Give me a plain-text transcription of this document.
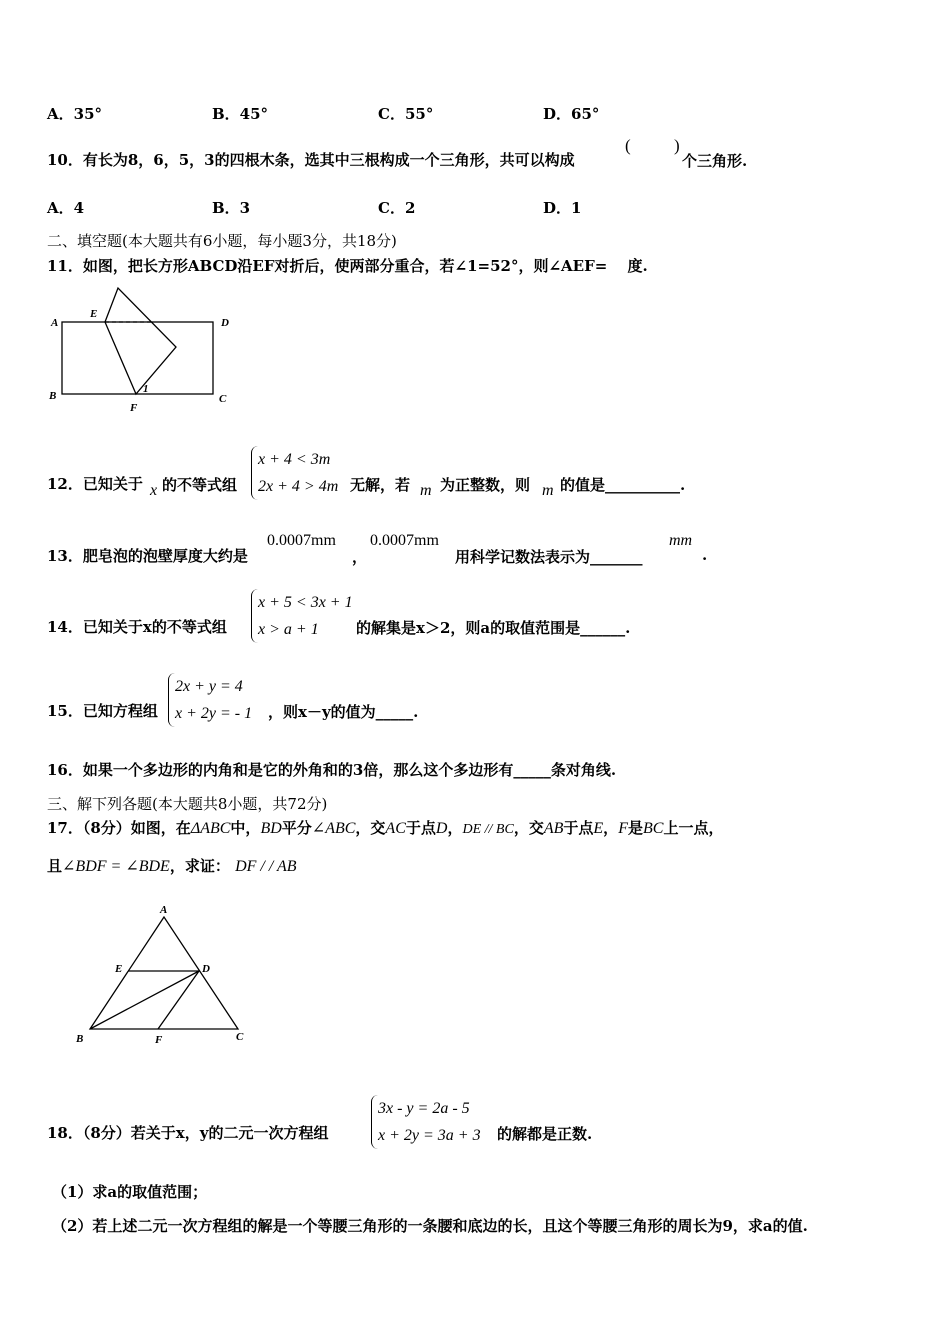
A．35°	B．45°	C．55°	D．65°
10．有长为8，6，5，3的四根木条，选其中三根构成一个三角形，共可以构成
(	)
个三角形.
A．4	B．3	C．2	D．1
二、填空题(本大题共有6小题，每小题3分，共18分)
11．如图，把长方形ABCD沿EF对折后，使两部分重合，若∠1=52°，则∠AEF=　 度.
A
E
D
B
F
C
1
12．已知关于 x 的不等式组
x + 4 < 3m
2x + 4 > 4m 无解，若 m 为正整数，则 m 的值是__________.
13．肥皂泡的泡壁厚度大约是
0.0007mm
，
0.0007mm
用科学记数法表示为_______
mm
.
14．已知关于x的不等式组
x + 5 < 3x + 1
x > a + 1	的解集是x＞2，则a的取值范围是______.
15．已知方程组
2x + y = 4
x + 2y = - 1 ，则x－y的值为_____.
16．如果一个多边形的内角和是它的外角和的3倍，那么这个多边形有_____条对角线.
三、解下列各题(本大题共8小题，共72分)
17．（8分）如图，在ΔABC中，BD平分∠ABC，交AC于点D，DE // BC，交AB于点E，F是BC上一点，
且∠BDF = ∠BDE，求证： DF / / AB
A
E	D
B	F	C
18．（8分）若关于x，y的二元一次方程组
3x - y = 2a - 5
x + 2y = 3a + 3 的解都是正数.
（1）求a的取值范围；
（2）若上述二元一次方程组的解是一个等腰三角形的一条腰和底边的长，且这个等腰三角形的周长为9，求a的值.
